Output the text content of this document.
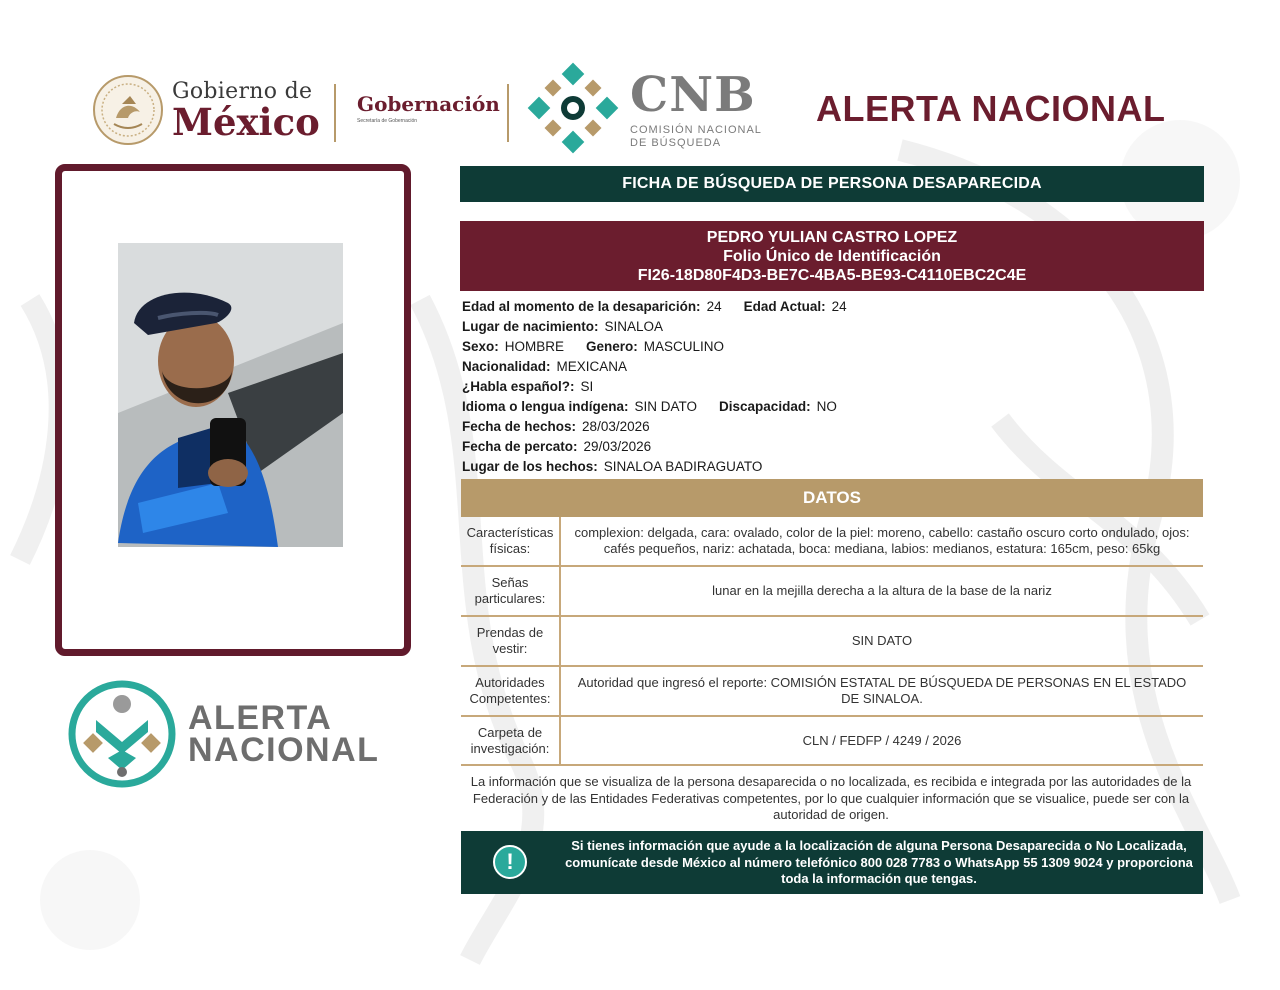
Gobierno de
México Gobernación
Secretaría de Gobernación	CNB
COMISIÓN NACIONAL
DE BÚSQUEDA
ALERTA NACIONAL
ALERTA
NACIONAL
FICHA DE BÚSQUEDA DE PERSONA DESAPARECIDA
PEDRO YULIAN CASTRO LOPEZ
Folio Único de Identificación
FI26-18D80F4D3-BE7C-4BA5-BE93-C4110EBC2C4E
Edad al momento de la desaparición: 24 Edad Actual: 24
Lugar de nacimiento: SINALOA
Sexo: HOMBRE Genero: MASCULINO
Nacionalidad: MEXICANA
¿Habla español?: SI
Idioma o lengua indígena: SIN DATO Discapacidad: NO
Fecha de hechos: 28/03/2026
Fecha de percato: 29/03/2026
Lugar de los hechos: SINALOA BADIRAGUATO
DATOS
Características físicas:
complexion: delgada, cara: ovalado, color de la piel: moreno, cabello: castaño oscuro corto ondulado, ojos: cafés pequeños, nariz: achatada, boca: mediana, labios: medianos, estatura: 165cm, peso: 65kg
Señas particulares:
lunar en la mejilla derecha a la altura de la base de la nariz
Prendas de vestir:
SIN DATO
Autoridades Competentes:
Autoridad que ingresó el reporte: COMISIÓN ESTATAL DE BÚSQUEDA DE PERSONAS EN EL ESTADO DE SINALOA.
Carpeta de investigación:
CLN / FEDFP / 4249 / 2026
La información que se visualiza de la persona desaparecida o no localizada, es recibida e integrada por las autoridades de la Federación y de las Entidades Federativas competentes, por lo que cualquier información que se visualice, puede ser con la autoridad de origen.
!
Si tienes información que ayude a la localización de alguna Persona Desaparecida o No Localizada, comunícate desde México al número telefónico 800 028 7783 o WhatsApp 55 1309 9024 y proporciona toda la información que tengas.
